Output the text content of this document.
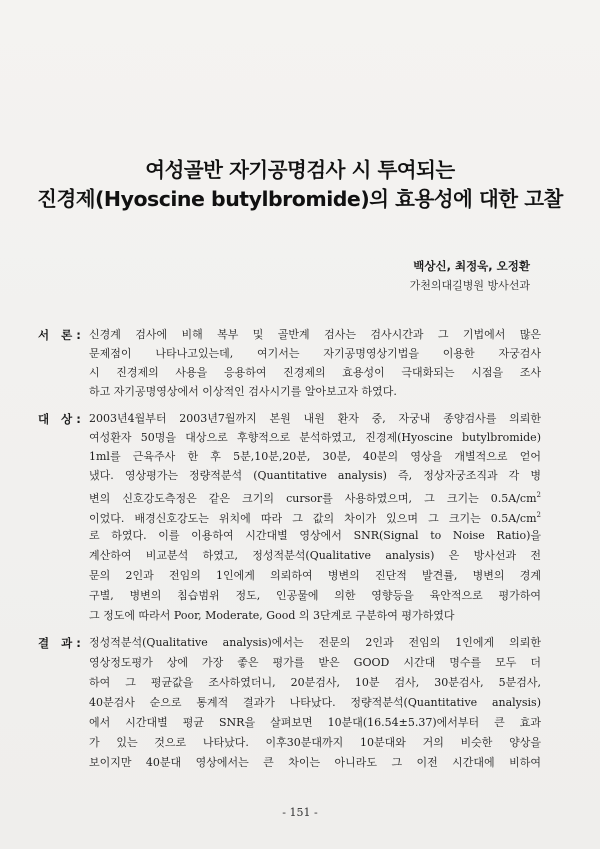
여성골반 자기공명검사 시 투여되는
진경제(Hyoscine butylbromide)의 효용성에 대한 고찰
백상신, 최정욱, 오정환
가천의대길병원 방사선과
서   론 : 신경계 검사에 비해 복부 및 골반계 검사는 검사시간과 그 기법에서 많은
문제점이 나타나고있는데, 여기서는 자기공명영상기법을 이용한 자궁검사
시 진경제의 사용을 응용하여 진경제의 효용성이 극대화되는 시점을 조사
하고 자기공명영상에서 이상적인 검사시기를 알아보고자 하였다.
대   상 : 2003년4월부터 2003년7월까지 본원 내원 환자 중, 자궁내 종양검사를 의뢰한
여성환자 50명을 대상으로 후향적으로 분석하였고, 진경제(Hyoscine butylbromide)
1ml를 근육주사 한 후 5분,10분,20분, 30분, 40분의 영상을 개별적으로 얻어
냈다. 영상평가는 정량적분석 (Quantitative analysis) 즉, 정상자궁조직과 각 병
변의 신호강도측정은 같은 크기의 cursor를 사용하였으며, 그 크기는 $0.5A/cm^2$
이었다. 배경신호강도는 위치에 따라 그 값의 차이가 있으며 그 크기는 $0.5A/cm^2$
로 하였다. 이를 이용하여 시간대별 영상에서 SNR(Signal to Noise Ratio)을
계산하여 비교분석 하였고, 정성적분석(Qualitative analysis) 은 방사선과 전
문의 2인과 전임의 1인에게 의뢰하여 병변의 진단적 발견률, 병변의 경계
구별, 병변의 침습범위 정도, 인공물에 의한 영향등을 육안적으로 평가하여
그 정도에 따라서 Poor, Moderate, Good 의 3단계로 구분하여 평가하였다
결   과 : 정성적분석(Qualitative analysis)에서는 전문의 2인과 전임의 1인에게 의뢰한
영상정도평가 상에 가장 좋은 평가를 받은 GOOD 시간대 명수를 모두 더
하여 그 평균값을 조사하였더니, 20분검사, 10분 검사, 30분검사, 5분검사,
40분검사 순으로 통계적 결과가 나타났다. 정량적분석(Quantitative analysis)
에서 시간대별 평균 SNR을 살펴보면 10분대(16.54±5.37)에서부터 큰 효과
가 있는 것으로 나타났다. 이후30분대까지 10분대와 거의 비슷한 양상을
보이지만 40분대 영상에서는 큰 차이는 아니라도 그 이전 시간대에 비하여
- 151 -
